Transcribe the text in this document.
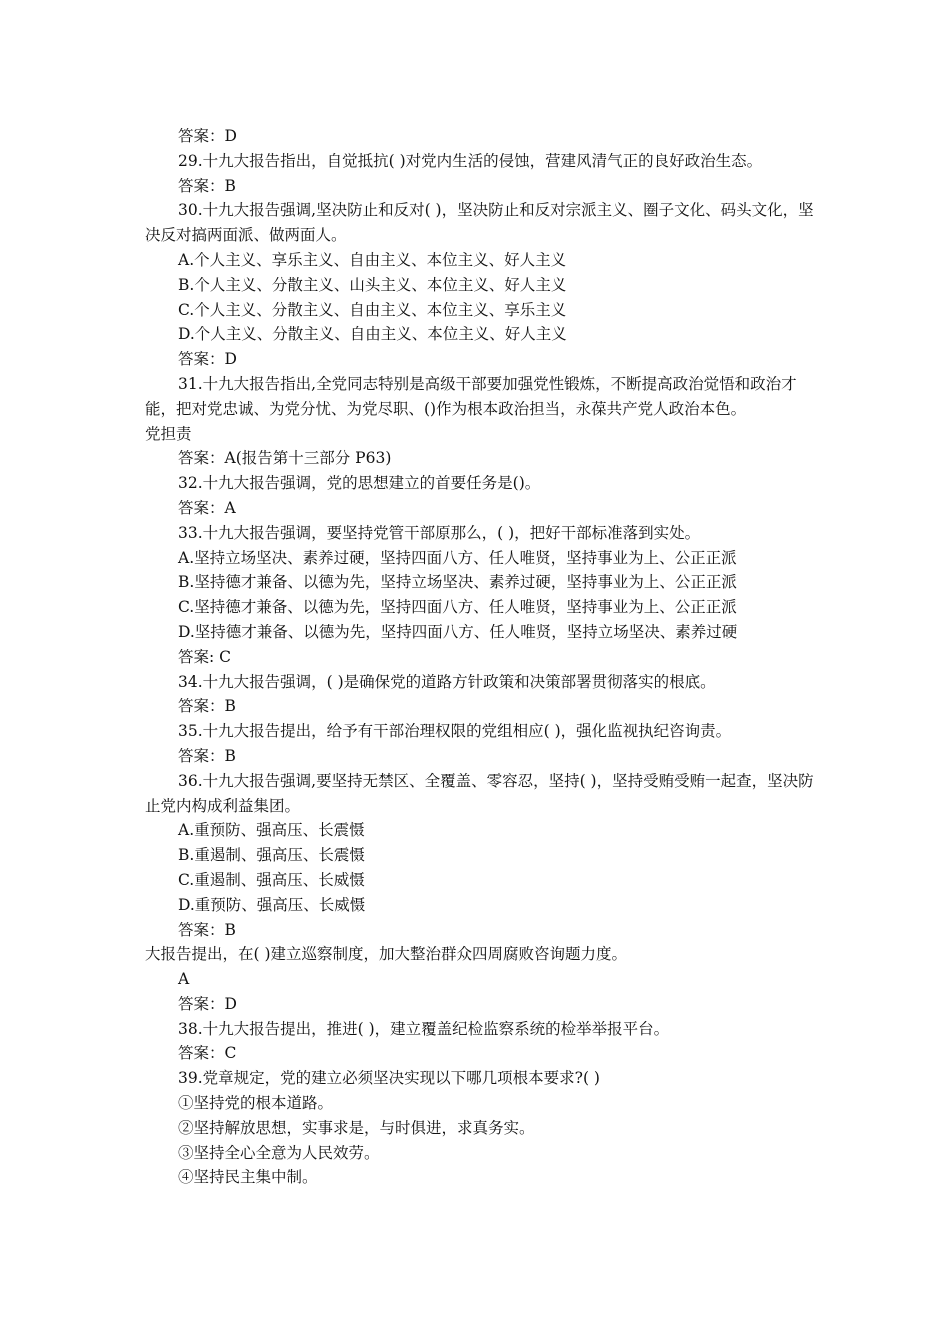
答案：D
29.十九大报告指出，自觉抵抗( )对党内生活的侵蚀，营建风清气正的良好政治生态。
答案：B
30.十九大报告强调,坚决防止和反对( )，坚决防止和反对宗派主义、圈子文化、码头文化，坚决反对搞两面派、做两面人。
A.个人主义、享乐主义、自由主义、本位主义、好人主义
B.个人主义、分散主义、山头主义、本位主义、好人主义
C.个人主义、分散主义、自由主义、本位主义、享乐主义
D.个人主义、分散主义、自由主义、本位主义、好人主义
答案：D
31.十九大报告指出,全党同志特别是高级干部要加强党性锻炼，不断提高政治觉悟和政治才能，把对党忠诚、为党分忧、为党尽职、()作为根本政治担当，永葆共产党人政治本色。
党担责
答案：A(报告第十三部分 P63)
32.十九大报告强调，党的思想建立的首要任务是()。
答案：A
33.十九大报告强调，要坚持党管干部原那么，( )，把好干部标准落到实处。
A.坚持立场坚决、素养过硬，坚持四面八方、任人唯贤，坚持事业为上、公正正派
B.坚持德才兼备、以德为先，坚持立场坚决、素养过硬，坚持事业为上、公正正派
C.坚持德才兼备、以德为先，坚持四面八方、任人唯贤，坚持事业为上、公正正派
D.坚持德才兼备、以德为先，坚持四面八方、任人唯贤，坚持立场坚决、素养过硬
答案: C
34.十九大报告强调，( )是确保党的道路方针政策和决策部署贯彻落实的根底。
答案：B
35.十九大报告提出，给予有干部治理权限的党组相应( )，强化监视执纪咨询责。
答案：B
36.十九大报告强调,要坚持无禁区、全覆盖、零容忍，坚持( )，坚持受贿受贿一起查，坚决防止党内构成利益集团。
A.重预防、强高压、长震慑
B.重遏制、强高压、长震慑
C.重遏制、强高压、长威慑
D.重预防、强高压、长威慑
答案：B
大报告提出，在( )建立巡察制度，加大整治群众四周腐败咨询题力度。
A
答案：D
38.十九大报告提出，推进( )，建立覆盖纪检监察系统的检举举报平台。
答案：C
39.党章规定，党的建立必须坚决实现以下哪几项根本要求?( )
①坚持党的根本道路。
②坚持解放思想，实事求是，与时俱进，求真务实。
③坚持全心全意为人民效劳。
④坚持民主集中制。
